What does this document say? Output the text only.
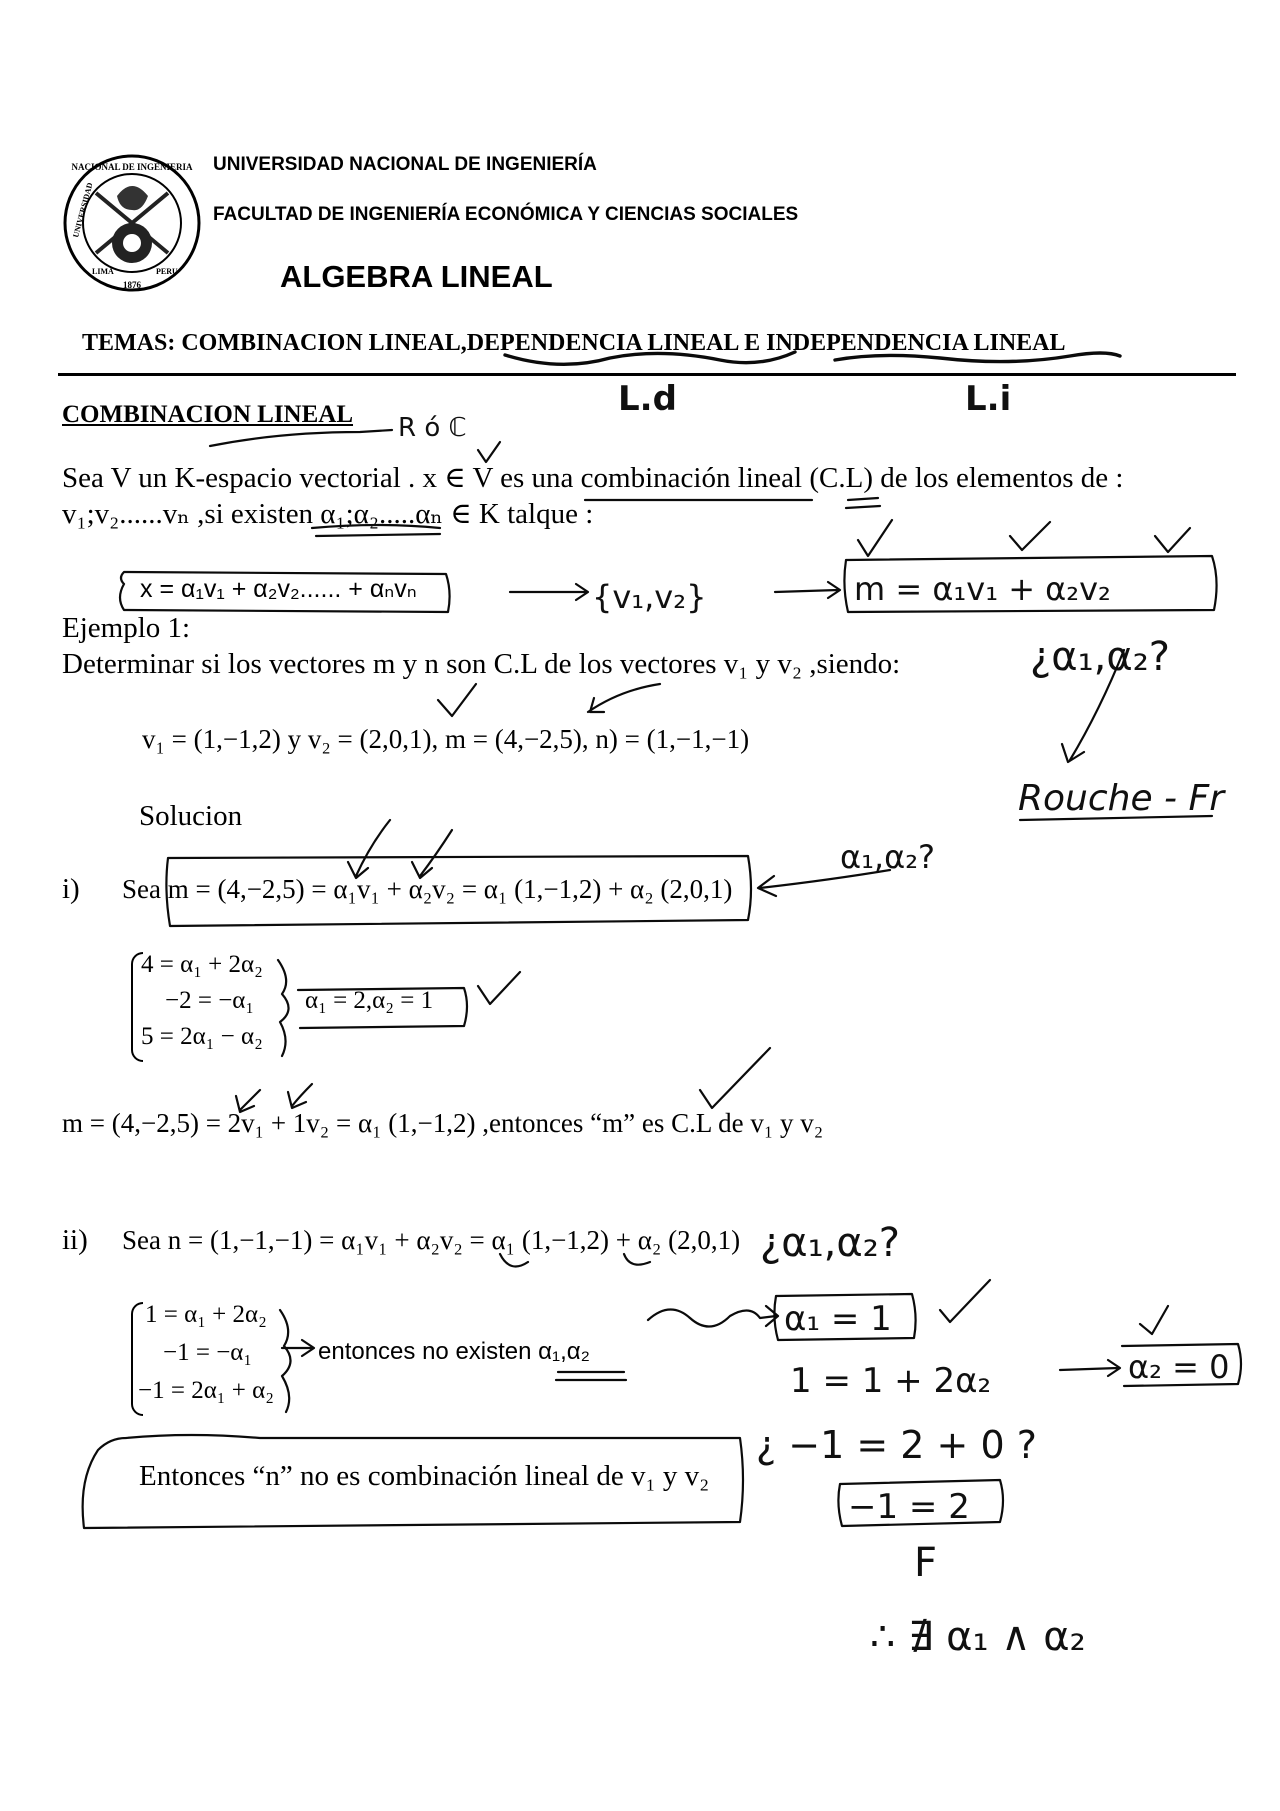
NACIONAL DE INGENIERIA
UNIVERSIDAD
LIMA	PERU
1876
UNIVERSIDAD NACIONAL DE INGENIERÍA
FACULTAD DE INGENIERÍA ECONÓMICA Y CIENCIAS SOCIALES
ALGEBRA LINEAL
TEMAS: COMBINACION LINEAL,DEPENDENCIA LINEAL E INDEPENDENCIA LINEAL
COMBINACION LINEAL
Sea V un K-espacio vectorial . x ∈ V es una combinación lineal (C.L) de los elementos de :
v₁;v₂......vₙ ,si existen α₁;α₂.....αₙ ∈ K talque :
x = α₁v₁ + α₂v₂...... + αₙvₙ
Ejemplo 1:
Determinar si los vectores m y n son C.L de los vectores v₁ y v₂ ,siendo:
v₁ = (1,−1,2) y v₂ = (2,0,1), m = (4,−2,5), n) = (1,−1,−1)
Solucion
i) Sea m = (4,−2,5) = α₁v₁ + α₂v₂ = α₁ (1,−1,2) + α₂ (2,0,1)
4 = α₁ + 2α₂
−2 = −α₁
5 = 2α₁ − α₂
α₁ = 2,α₂ = 1
m = (4,−2,5) = 2v₁ + 1v₂ = α₁ (1,−1,2) ,entonces “m” es C.L de v₁ y v₂
ii) Sea n = (1,−1,−1) = α₁v₁ + α₂v₂ = α₁ (1,−1,2) + α₂ (2,0,1)
1 = α₁ + 2α₂
−1 = −α₁
−1 = 2α₁ + α₂
entonces no existen α₁,α₂
Entonces “n” no es combinación lineal de v₁ y v₂
L.d	L.i
R ó ℂ
{v₁,v₂}	m = α₁v₁ + α₂v₂
¿α₁,α₂?
Rouche - Fr
α₁,α₂?
¿α₁,α₂?
α₁ = 1
1 = 1 + 2α₂	α₂ = 0
¿ −1 = 2 + 0 ?
−1 = 2
F
∴ ∄ α₁ ∧ α₂
